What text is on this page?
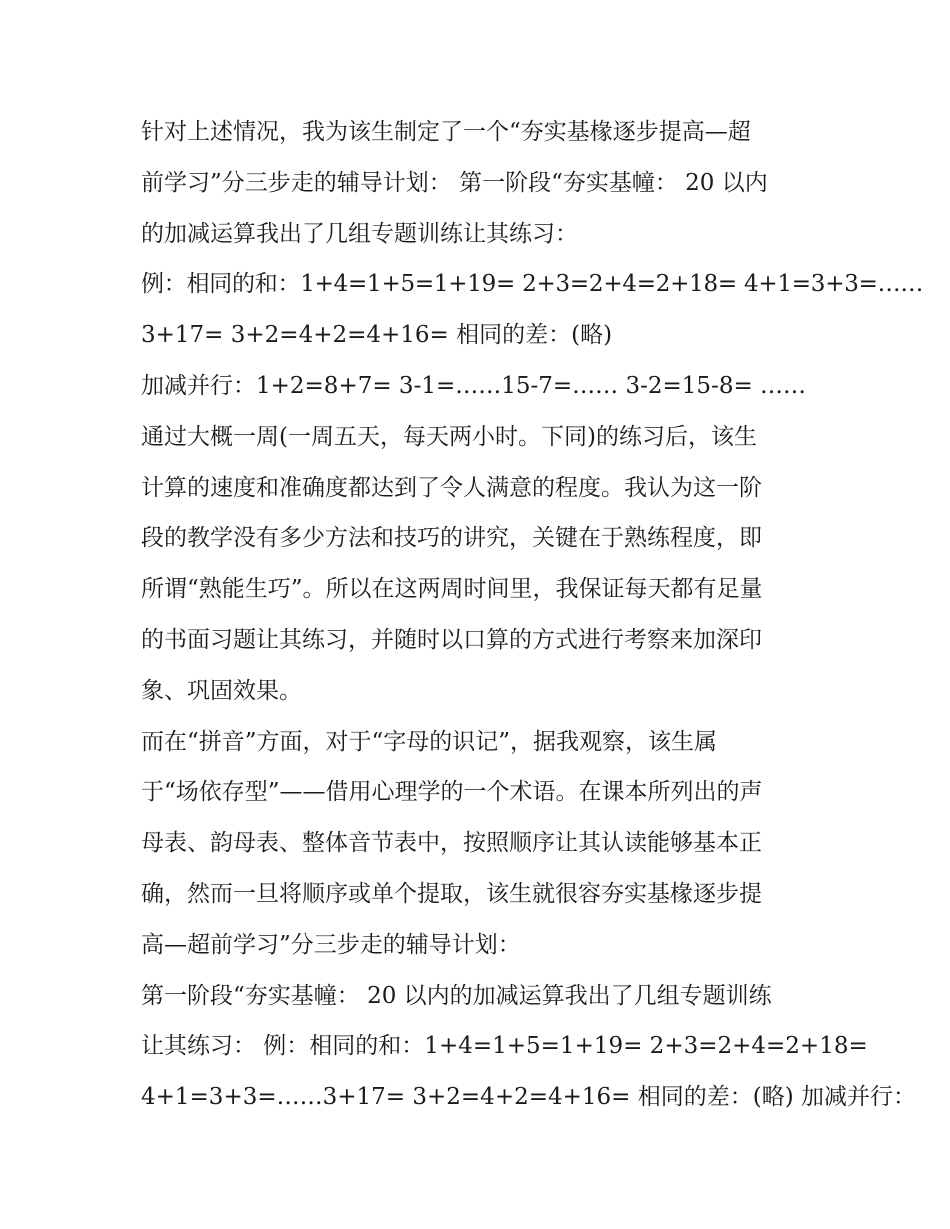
针对上述情况，我为该生制定了一个“夯实基椽逐步提高—超
前学习”分三步走的辅导计划： 第一阶段“夯实基幢： 20 以内
的加减运算我出了几组专题训练让其练习：
例：相同的和：1+4=1+5=1+19= 2+3=2+4=2+18= 4+1=3+3=……
3+17= 3+2=4+2=4+16= 相同的差：(略)
加减并行：1+2=8+7= 3-1=……15-7=…… 3-2=15-8= ……
通过大概一周(一周五天，每天两小时。下同)的练习后，该生
计算的速度和准确度都达到了令人满意的程度。我认为这一阶
段的教学没有多少方法和技巧的讲究，关键在于熟练程度，即
所谓“熟能生巧”。所以在这两周时间里，我保证每天都有足量
的书面习题让其练习，并随时以口算的方式进行考察来加深印
象、巩固效果。
而在“拼音”方面，对于“字母的识记”，据我观察，该生属
于“场依存型”——借用心理学的一个术语。在课本所列出的声
母表、韵母表、整体音节表中，按照顺序让其认读能够基本正
确，然而一旦将顺序或单个提取，该生就很容夯实基椽逐步提
高—超前学习”分三步走的辅导计划：
第一阶段“夯实基幢： 20 以内的加减运算我出了几组专题训练
让其练习： 例：相同的和：1+4=1+5=1+19= 2+3=2+4=2+18=
4+1=3+3=……3+17= 3+2=4+2=4+16= 相同的差：(略) 加减并行：
